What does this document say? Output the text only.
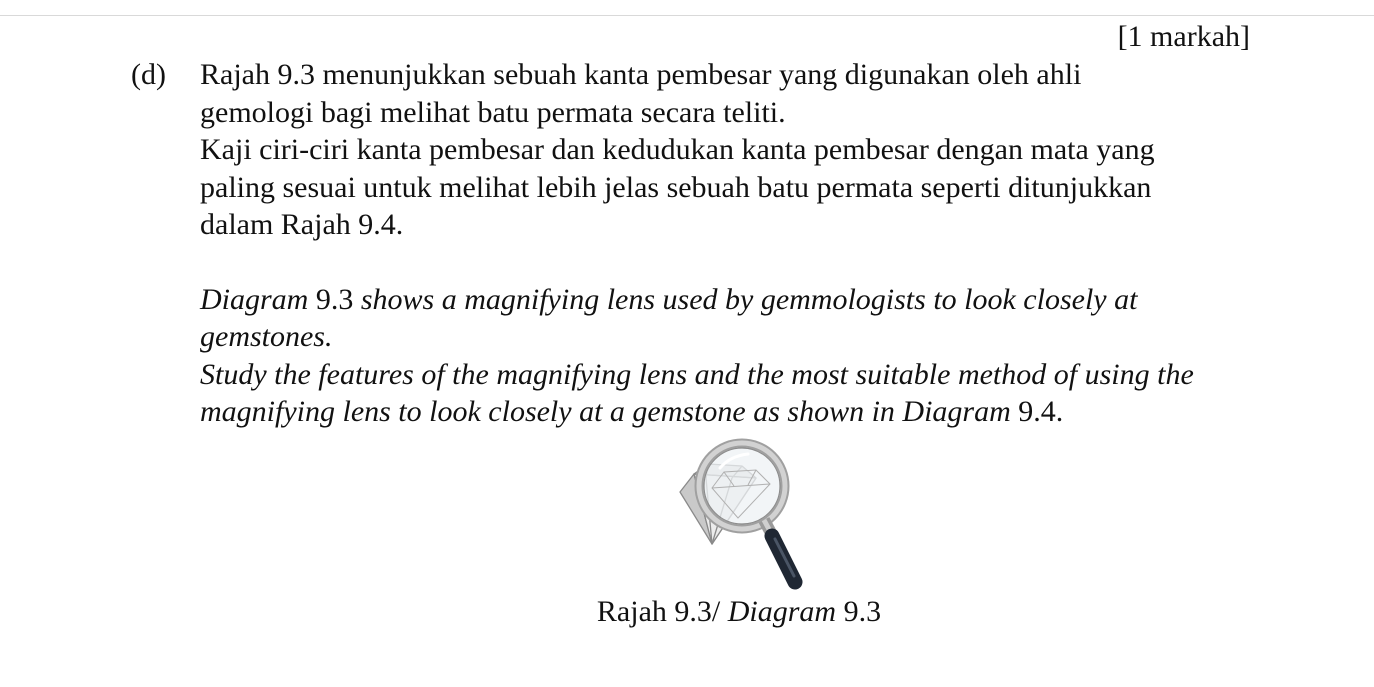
[1 markah]
(d) Rajah 9.3 menunjukkan sebuah kanta pembesar yang digunakan oleh ahli

gemologi bagi melihat batu permata secara teliti.

Kaji ciri-ciri kanta pembesar dan kedudukan kanta pembesar dengan mata yang

paling sesuai untuk melihat lebih jelas sebuah batu permata seperti ditunjukkan

dalam Rajah 9.4.

Diagram 9.3 shows a magnifying lens used by gemmologists to look closely at

gemstones.

Study the features of the magnifying lens and the most suitable method of using the

magnifying lens to look closely at a gemstone as shown in Diagram 9.4.

Rajah 9.3/ Diagram 9.3
